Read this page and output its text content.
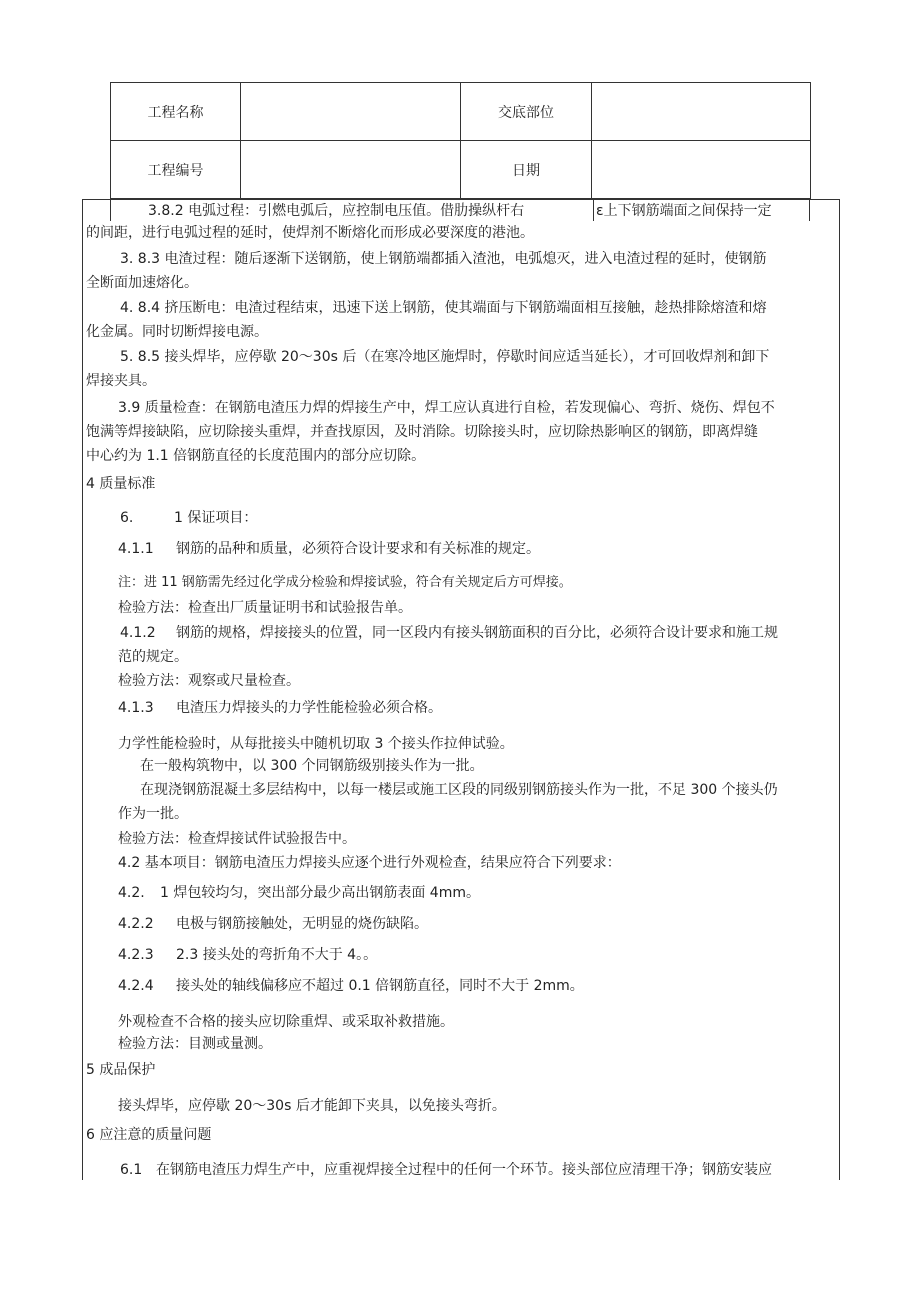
工程名称		交底部位	
工程编号		日期	
3.8.2 电弧过程：引燃电弧后，应控制电压值。借肋操纵杆右	ε上下钢筋端面之间保持一定
的间距，进行电弧过程的延时，使焊剂不断熔化而形成必要深度的港池。
3. 8.3 电渣过程：随后逐渐下送钢筋，使上钢筋端都插入渣池，电弧熄灭，进入电渣过程的延时，使钢筋
全断面加速熔化。
4. 8.4 挤压断电：电渣过程结束，迅速下送上钢筋，使其端面与下钢筋端面相互接触，趁热排除熔渣和熔
化金属。同时切断焊接电源。
5. 8.5 接头焊毕，应停歇 20～30s 后（在寒冷地区施焊时，停歇时间应适当延长），才可回收焊剂和卸下
焊接夹具。
3.9 质量检查：在钢筋电渣压力焊的焊接生产中，焊工应认真进行自检，若发现偏心、弯折、烧伤、焊包不
饱满等焊接缺陷，应切除接头重焊，并查找原因，及时消除。切除接头时，应切除热影响区的钢筋，即离焊缝
中心约为 1.1 倍钢筋直径的长度范围内的部分应切除。
4 质量标准
6.	1 保证项目：
4.1.1 钢筋的品种和质量，必须符合设计要求和有关标准的规定。
注：进 11 钢筋需先经过化学成分检验和焊接试验，符合有关规定后方可焊接。
检验方法：检查出厂质量证明书和试验报告单。
4.1.2 钢筋的规格，焊接接头的位置，同一区段内有接头钢筋面积的百分比，必须符合设计要求和施工规
范的规定。
检验方法：观察或尺量检查。
4.1.3 电渣压力焊接头的力学性能检验必须合格。
力学性能检验时，从每批接头中随机切取 3 个接头作拉伸试验。
在一般构筑物中，以 300 个同钢筋级别接头作为一批。
在现浇钢筋混凝土多层结构中，以每一楼层或施工区段的同级别钢筋接头作为一批，不足 300 个接头仍
作为一批。
检验方法：检查焊接试件试验报告中。
4.2 基本项目：钢筋电渣压力焊接头应逐个进行外观检查，结果应符合下列要求：
4.2. 1 焊包较均匀，突出部分最少高出钢筋表面 4mm。
4.2.2 电极与钢筋接触处，无明显的烧伤缺陷。
4.2.3 2.3 接头处的弯折角不大于 4。。
4.2.4 接头处的轴线偏移应不超过 0.1 倍钢筋直径，同时不大于 2mm。
外观检查不合格的接头应切除重焊、或采取补救措施。
检验方法：目测或量测。
5 成品保护
接头焊毕，应停歇 20～30s 后才能卸下夹具，以免接头弯折。
6 应注意的质量问题
6.1 在钢筋电渣压力焊生产中，应重视焊接全过程中的任何一个环节。接头部位应清理干净；钢筋安装应
